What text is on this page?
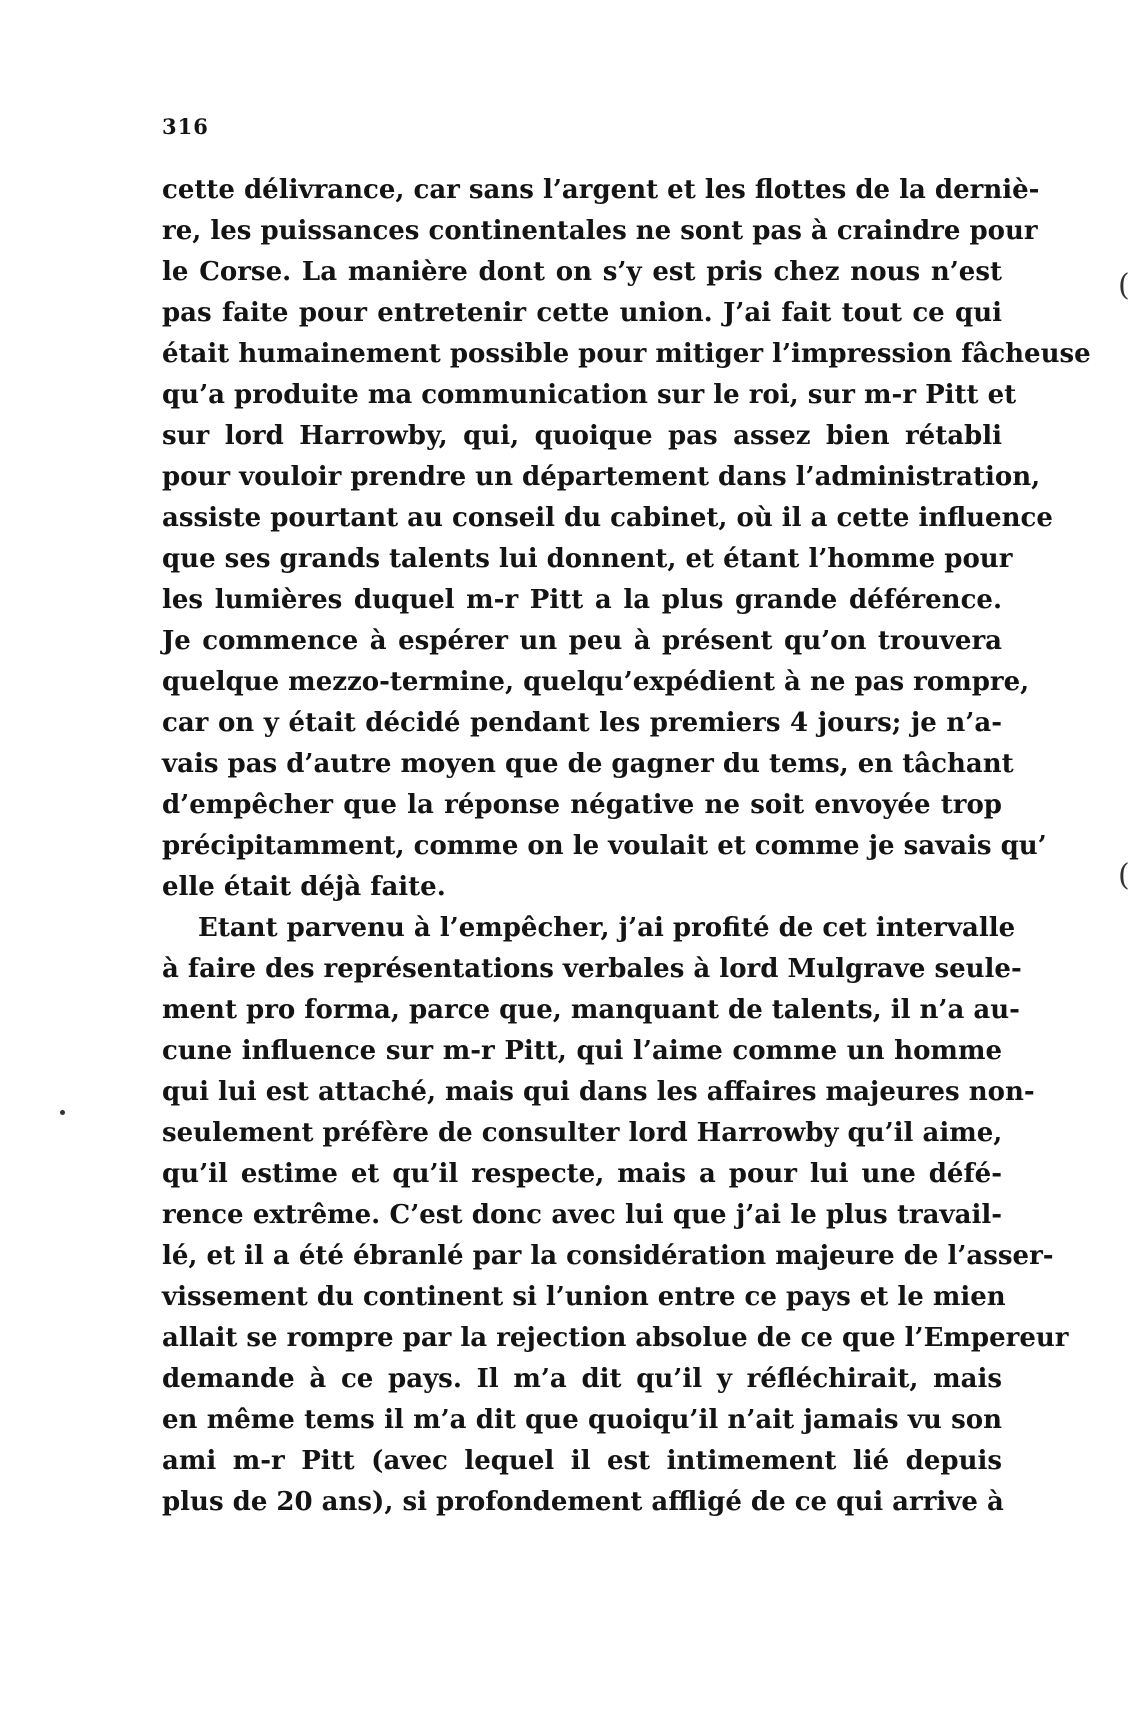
316
cette délivrance, car sans l’argent et les flottes de la derniè-
re, les puissances continentales ne sont pas à craindre pour
le Corse. La manière dont on s’y est pris chez nous n’est
pas faite pour entretenir cette union. J’ai fait tout ce qui
était humainement possible pour mitiger l’impression fâcheuse
qu’a produite ma communication sur le roi, sur m-r Pitt et
sur lord Harrowby, qui, quoique pas assez bien rétabli
pour vouloir prendre un département dans l’administration,
assiste pourtant au conseil du cabinet, où il a cette influence
que ses grands talents lui donnent, et étant l’homme pour
les lumières duquel m-r Pitt a la plus grande déférence.
Je commence à espérer un peu à présent qu’on trouvera
quelque mezzo-termine, quelqu’expédient à ne pas rompre,
car on y était décidé pendant les premiers 4 jours; je n’a-
vais pas d’autre moyen que de gagner du tems, en tâchant
d’empêcher que la réponse négative ne soit envoyée trop
précipitamment, comme on le voulait et comme je savais qu’
elle était déjà faite.
Etant parvenu à l’empêcher, j’ai profité de cet intervalle
à faire des représentations verbales à lord Mulgrave seule-
ment pro forma, parce que, manquant de talents, il n’a au-
cune influence sur m-r Pitt, qui l’aime comme un homme
qui lui est attaché, mais qui dans les affaires majeures non-
seulement préfère de consulter lord Harrowby qu’il aime,
qu’il estime et qu’il respecte, mais a pour lui une défé-
rence extrême. C’est donc avec lui que j’ai le plus travail-
lé, et il a été ébranlé par la considération majeure de l’asser-
vissement du continent si l’union entre ce pays et le mien
allait se rompre par la rejection absolue de ce que l’Empereur
demande à ce pays. Il m’a dit qu’il y réfléchirait, mais
en même tems il m’a dit que quoiqu’il n’ait jamais vu son
ami m-r Pitt (avec lequel il est intimement lié depuis
plus de 20 ans), si profondement affligé de ce qui arrive à
(
(
